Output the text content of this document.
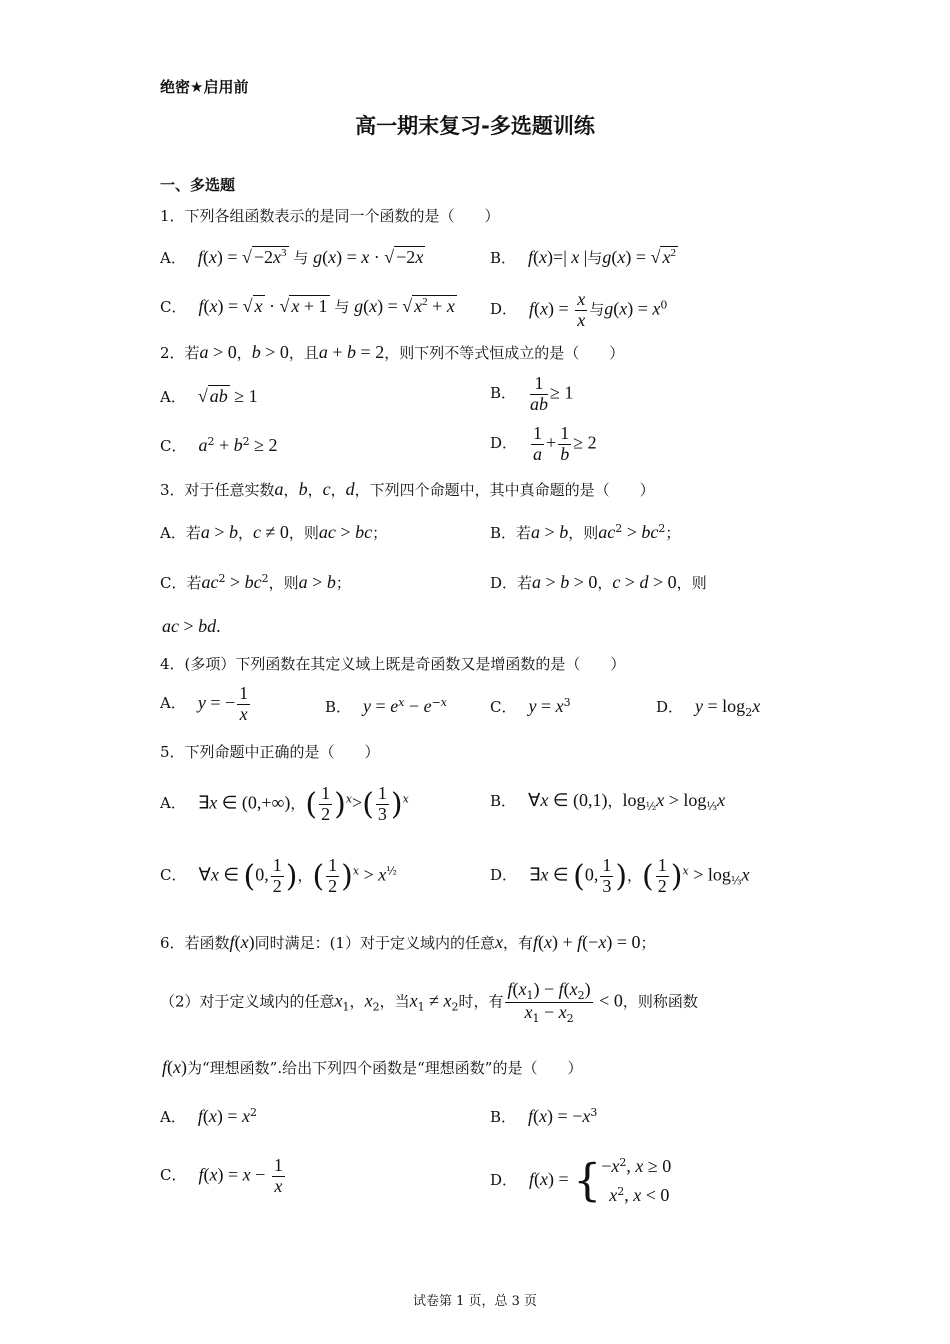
绝密★启用前
高一期末复习-多选题训练
一、多选题
1．下列各组函数表示的是同一个函数的是（　　）
A． f(x) = √ $-2x^3$ 与 g(x) = x · √ −2x	B． f(x)=| x |与g(x) = √ $x^2$
C． f(x) = √ x · √ x + 1 与 g(x) = √ $x^2 + x$ D． $f(x) = \frac{x}{x}$ 与$g(x) = x^0$
2．若a > 0，b > 0，且a + b = 2，则下列不等式恒成立的是（　　）
A． √ ab ≥ 1	B． $\frac{1}{ab} \ge 1$
C． $a^2 + b^2 \ge 2$	D． $\frac{1}{a} + \frac{1}{b} \ge 2$
3．对于任意实数a，b，c，d，下列四个命题中，其中真命题的是（　　）
A．若a > b，c ≠ 0，则ac > bc；	B．若a > b，则$ac^2 > bc^2$；
C．若$ac^2 > bc^2$，则a > b；	D．若a > b > 0，c > d > 0，则
ac > bd.
4．(多项）下列函数在其定义域上既是奇函数又是增函数的是（　　）
A． y = − $\frac{1}{x}$	B． $y = e^x - e^{-x}$	C． $y = x^3$	D． $y = \log_2x$
5．下列命题中正确的是（　　）
A． ∃x ∈ (0,+∞)，( $\frac{1}{2} )^x>( \frac{1}{3} )^x$	B． ∀x ∈ (0,1)，$\log_{\frac{1}{2}}x > \log_{\frac{1}{3}}x$
C． ∀x ∈ (0, $\frac{1}{2}$ )，( $\frac{1}{2} )^x > x^{\frac{1}{2}}$	D． ∃x ∈ (0, $\frac{1}{3}$ )，( $\frac{1}{2} )^x > \log_{\frac{1}{3}}x$
6．若函数f(x)同时满足：(1）对于定义域内的任意x，有f(x) + f(−x) = 0；
（2）对于定义域内的任意$x_1$，$x_2$，当$x_1 \ne x_2$时，有 $\frac{f(x_1) - f(x_2)}{x_1 - x_2} < 0$，则称函数
f(x)为“理想函数”.给出下列四个函数是“理想函数”的是（　　）
A． $f(x) = x^2$	B． $f(x) = -x^3$
C． $f(x) = x - \frac{1}{x}$	D． f(x) = { $-x^2$, x ≥ 0
$x^2$, x < 0
试卷第 1 页，总 3 页
